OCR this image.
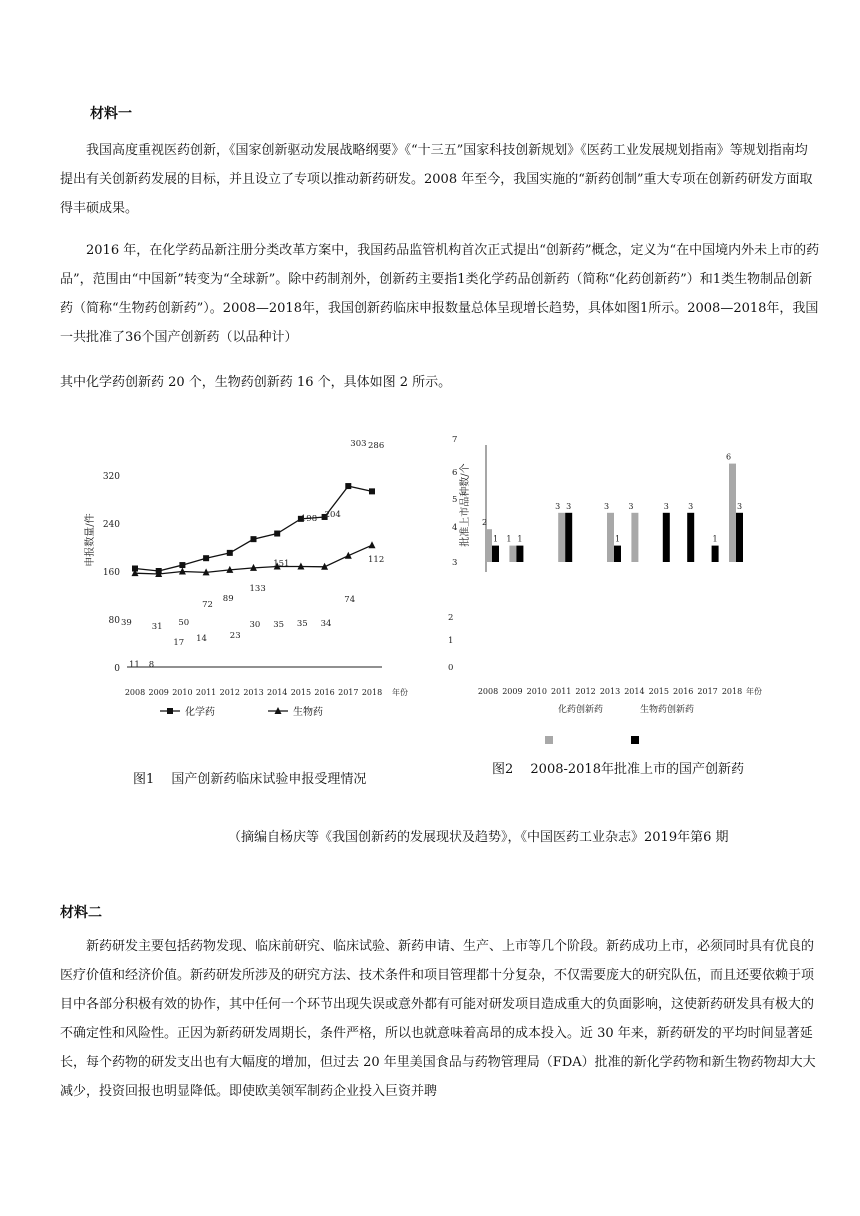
材料一
我国高度重视医药创新，《国家创新驱动发展战略纲要》《“十三五”国家科技创新规划》《医药工业发展规划指南》等规划指南均提出有关创新药发展的目标，并且设立了专项以推动新药研发。2008 年至今，我国实施的“新药创制”重大专项在创新药研发方面取得丰硕成果。
2016 年，在化学药品新注册分类改革方案中，我国药品监管机构首次正式提出“创新药”概念，定义为“在中国境内外未上市的药品”，范围由“中国新”转变为“全球新”。除中药制剂外，创新药主要指1类化学药品创新药（简称“化药创新药”）和1类生物制品创新药（简称“生物药创新药”）。2008—2018年，我国创新药临床申报数量总体呈现增长趋势，具体如图1所示。2008—2018年，我国一共批准了36个国产创新药（以品种计）
其中化学药创新药 20 个，生物药创新药 16 个，具体如图 2 所示。
0
80
160
240
320
申报数量/件
2008 2009 2010 2011 2012 2013 2014 2015 2016 2017 2018 年份
39 31 50
72
89
133
151
198 204
303 286
11 8
17 14	23
30 35 35 34
74
112
化学药	生物药
图1　 国产创新药临床试验申报受理情况
7
6
5
4
3
2
1
0
批准上市品种数/个 2
1
3	3 3
6
1 1
3
1
3 3
1
3
2008 2009 2010 2011 2012 2013 2014 2015 2016 2017 2018 年份
化药创新药	生物药创新药
图2　 2008-2018年批准上市的国产创新药
（摘编自杨庆等《我国创新药的发展现状及趋势》，《中国医药工业杂志》2019年第6 期
材料二
新药研发主要包括药物发现、临床前研究、临床试验、新药申请、生产、上市等几个阶段。新药成功上市，必须同时具有优良的医疗价值和经济价值。新药研发所涉及的研究方法、技术条件和项目管理都十分复杂，不仅需要庞大的研究队伍，而且还要依赖于项目中各部分积极有效的协作，其中任何一个环节出现失误或意外都有可能对研发项目造成重大的负面影响，这使新药研发具有极大的不确定性和风险性。正因为新药研发周期长，条件严格，所以也就意味着高昂的成本投入。近 30 年来，新药研发的平均时间显著延长，每个药物的研发支出也有大幅度的增加，但过去 20 年里美国食品与药物管理局（FDA）批准的新化学药物和新生物药物却大大减少，投资回报也明显降低。即使欧美领军制药企业投入巨资并聘
